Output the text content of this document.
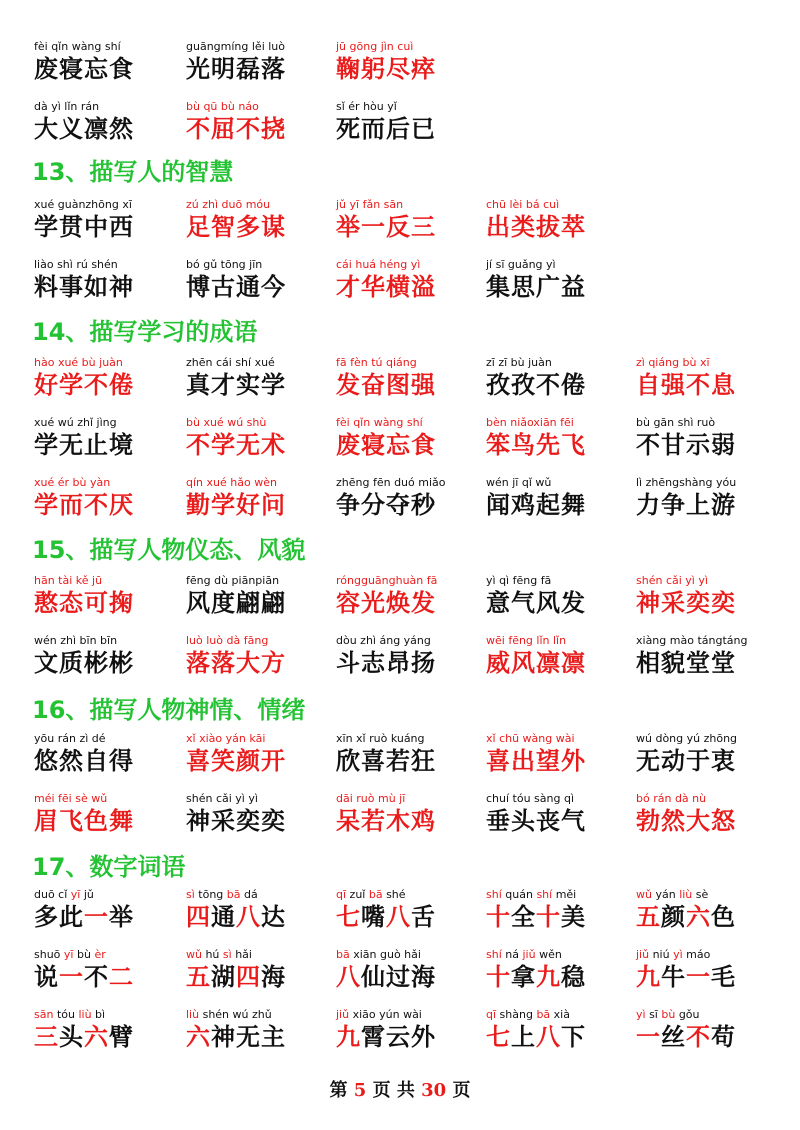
fèi qǐn wàng shí
废寝忘食
guāngmíng lěi luò
光明磊落
jū gōng jìn cuì
鞠躬尽瘁
dà yì lǐn rán
大义凛然
bù qū bù náo
不屈不挠
sǐ ér hòu yǐ
死而后已
xué guànzhōng xī
学贯中西
zú zhì duō móu
足智多谋
jǔ yī fǎn sān
举一反三
chū lèi bá cuì
出类拔萃
liào shì rú shén
料事如神
bó gǔ tōng jīn
博古通今
cái huá héng yì
才华横溢
jí sī guǎng yì
集思广益
hào xué bù juàn
好学不倦
zhēn cái shí xué
真才实学
fā fèn tú qiáng
发奋图强
zī zī bù juàn
孜孜不倦
zì qiáng bù xī
自强不息
xué wú zhǐ jìng
学无止境
bù xué wú shù
不学无术
fèi qǐn wàng shí
废寝忘食
bèn niǎoxiān fēi
笨鸟先飞
bù gān shì ruò
不甘示弱
xué ér bù yàn
学而不厌
qín xué hǎo wèn
勤学好问
zhēng fēn duó miǎo
争分夺秒
wén jī qǐ wǔ
闻鸡起舞
lì zhēngshàng yóu
力争上游
hān tài kě jū
憨态可掬
fēng dù piānpiān
风度翩翩
róngguānghuàn fā
容光焕发
yì qì fēng fā
意气风发
shén cǎi yì yì
神采奕奕
wén zhì bīn bīn
文质彬彬
luò luò dà fāng
落落大方
dòu zhì áng yáng
斗志昂扬
wēi fēng lǐn lǐn
威风凛凛
xiàng mào tángtáng
相貌堂堂
yōu rán zì dé
悠然自得
xǐ xiào yán kāi
喜笑颜开
xīn xǐ ruò kuáng
欣喜若狂
xǐ chū wàng wài
喜出望外
wú dòng yú zhōng
无动于衷
méi fēi sè wǔ
眉飞色舞
shén cǎi yì yì
神采奕奕
dāi ruò mù jī
呆若木鸡
chuí tóu sàng qì
垂头丧气
bó rán dà nù
勃然大怒
duō cǐ yī jǔ
多此一举
sì tōng bā dá
四通八达
qī zuǐ bā shé
七嘴八舌
shí quán shí měi
十全十美
wǔ yán liù sè
五颜六色
shuō yī bù èr
说一不二
wǔ hú sì hǎi
五湖四海
bā xiān guò hǎi
八仙过海
shí ná jiǔ wěn
十拿九稳
jiǔ niú yì máo
九牛一毛
sān tóu liù bì
三头六臂
liù shén wú zhǔ
六神无主
jiǔ xiāo yún wài
九霄云外
qī shàng bā xià
七上八下
yì sī bù gǒu
一丝不苟
13、描写人的智慧
14、描写学习的成语
15、描写人物仪态、风貌
16、描写人物神情、情绪
17、数字词语
第 5 页 共 30 页
